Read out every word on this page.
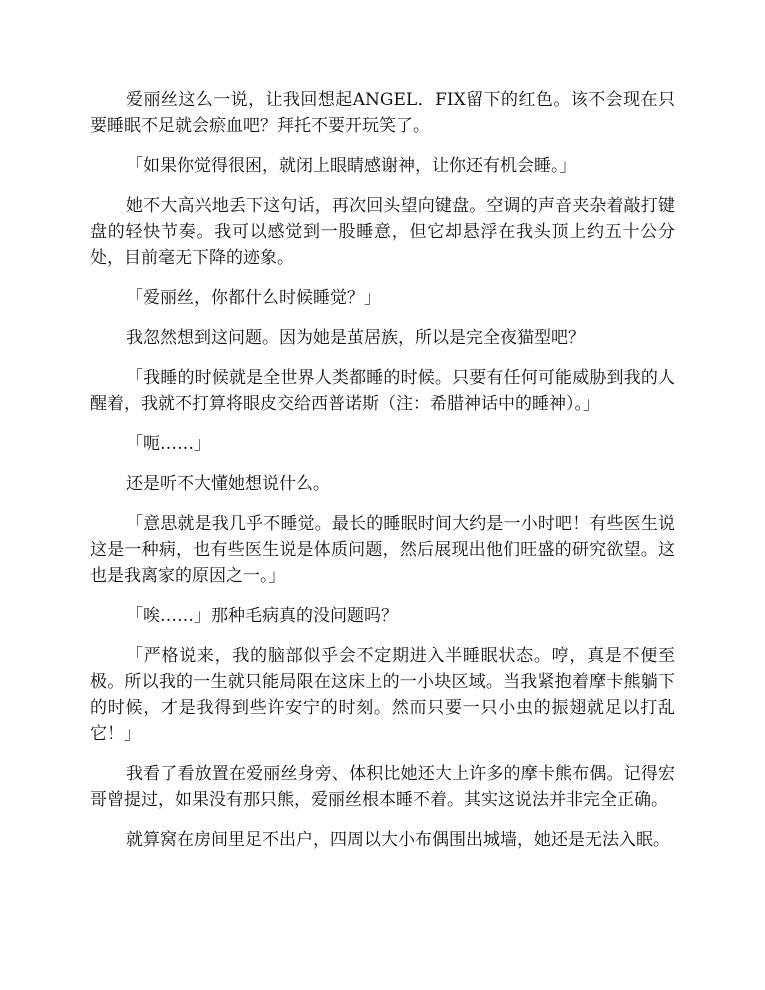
爱丽丝这么一说，让我回想起ANGEL．FIX留下的红色。该不会现在只要睡眠不足就会瘀血吧？拜托不要开玩笑了。

「如果你觉得很困，就闭上眼睛感谢神，让你还有机会睡。」

她不大高兴地丢下这句话，再次回头望向键盘。空调的声音夹杂着敲打键盘的轻快节奏。我可以感觉到一股睡意，但它却悬浮在我头顶上约五十公分处，目前毫无下降的迹象。

「爱丽丝，你都什么时候睡觉？」

我忽然想到这问题。因为她是茧居族，所以是完全夜猫型吧？

「我睡的时候就是全世界人类都睡的时候。只要有任何可能威胁到我的人醒着，我就不打算将眼皮交给西普诺斯（注：希腊神话中的睡神）。」

「呃……」

还是听不大懂她想说什么。

「意思就是我几乎不睡觉。最长的睡眠时间大约是一小时吧！有些医生说这是一种病，也有些医生说是体质问题，然后展现出他们旺盛的研究欲望。这也是我离家的原因之一。」

「唉……」那种毛病真的没问题吗？

「严格说来，我的脑部似乎会不定期进入半睡眠状态。哼，真是不便至极。所以我的一生就只能局限在这床上的一小块区域。当我紧抱着摩卡熊躺下的时候，才是我得到些许安宁的时刻。然而只要一只小虫的振翅就足以打乱它！」

我看了看放置在爱丽丝身旁、体积比她还大上许多的摩卡熊布偶。记得宏哥曾提过，如果没有那只熊，爱丽丝根本睡不着。其实这说法并非完全正确。

就算窝在房间里足不出户，四周以大小布偶围出城墙，她还是无法入眠。
